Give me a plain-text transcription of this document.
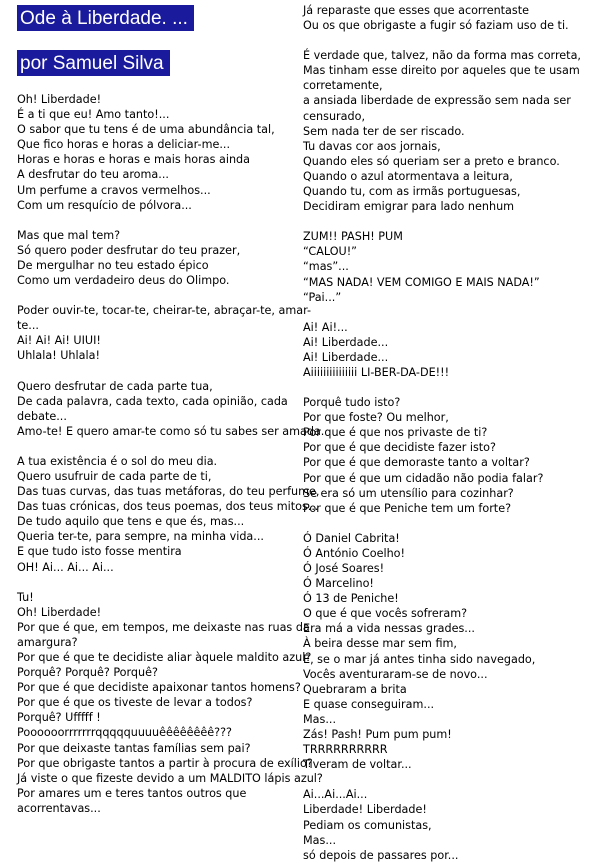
Ode à Liberdade. ...
por Samuel Silva
Oh! Liberdade!
É a ti que eu! Amo tanto!...
O sabor que tu tens é de uma abundância tal,
Que fico horas e horas a deliciar-me...
Horas e horas e horas e mais horas ainda
A desfrutar do teu aroma...
Um perfume a cravos vermelhos...
Com um resquício de pólvora...
Mas que mal tem?
Só quero poder desfrutar do teu prazer,
De mergulhar no teu estado épico
Como um verdadeiro deus do Olimpo.
Poder ouvir-te, tocar-te, cheirar-te, abraçar-te, amar-
te...
Ai! Ai! Ai! UIUI!
Uhlala! Uhlala!
Quero desfrutar de cada parte tua,
De cada palavra, cada texto, cada opinião, cada
debate...
Amo-te! E quero amar-te como só tu sabes ser amada.
A tua existência é o sol do meu dia.
Quero usufruir de cada parte de ti,
Das tuas curvas, das tuas metáforas, do teu perfume,
Das tuas crónicas, dos teus poemas, dos teus mitos...
De tudo aquilo que tens e que és, mas...
Queria ter-te, para sempre, na minha vida...
E que tudo isto fosse mentira
OH! Ai... Ai... Ai...
Tu!
Oh! Liberdade!
Por que é que, em tempos, me deixaste nas ruas da
amargura?
Por que é que te decidiste aliar àquele maldito azul?
Porquê? Porquê? Porquê?
Por que é que decidiste apaixonar tantos homens?
Por que é que os tiveste de levar a todos?
Porquê? Ufffff !
Poooooorrrrrrrqqqqquuuuêêêêêêêê???
Por que deixaste tantas famílias sem pai?
Por que obrigaste tantos a partir à procura de exílio?
Já viste o que fizeste devido a um MALDITO lápis azul?
Por amares um e teres tantos outros que
acorrentavas...
Já reparaste que esses que acorrentaste
Ou os que obrigaste a fugir só faziam uso de ti.
É verdade que, talvez, não da forma mas correta,
Mas tinham esse direito por aqueles que te usam
corretamente,
a ansiada liberdade de expressão sem nada ser
censurado,
Sem nada ter de ser riscado.
Tu davas cor aos jornais,
Quando eles só queriam ser a preto e branco.
Quando o azul atormentava a leitura,
Quando tu, com as irmãs portuguesas,
Decidiram emigrar para lado nenhum
ZUM!! PASH! PUM
“CALOU!”
“mas”...
“MAS NADA! VEM COMIGO E MAIS NADA!”
“Pai...”
Ai! Ai!...
Ai! Liberdade...
Ai! Liberdade...
Aiiiiiiiiiiiiiii LI-BER-DA-DE!!!
Porquê tudo isto?
Por que foste? Ou melhor,
Por que é que nos privaste de ti?
Por que é que decidiste fazer isto?
Por que é que demoraste tanto a voltar?
Por que é que um cidadão não podia falar?
Se era só um utensílio para cozinhar?
Por que é que Peniche tem um forte?
Ó Daniel Cabrita!
Ó António Coelho!
Ó José Soares!
Ó Marcelino!
Ó 13 de Peniche!
O que é que vocês sofreram?
Era má a vida nessas grades...
À beira desse mar sem fim,
E, se o mar já antes tinha sido navegado,
Vocês aventuraram-se de novo...
Quebraram a brita
E quase conseguiram...
Mas...
Zás! Pash! Pum pum pum!
TRRRRRRRRRR
Tiveram de voltar...
Ai...Ai...Ai...
Liberdade! Liberdade!
Pediam os comunistas,
Mas...
só depois de passares por...
